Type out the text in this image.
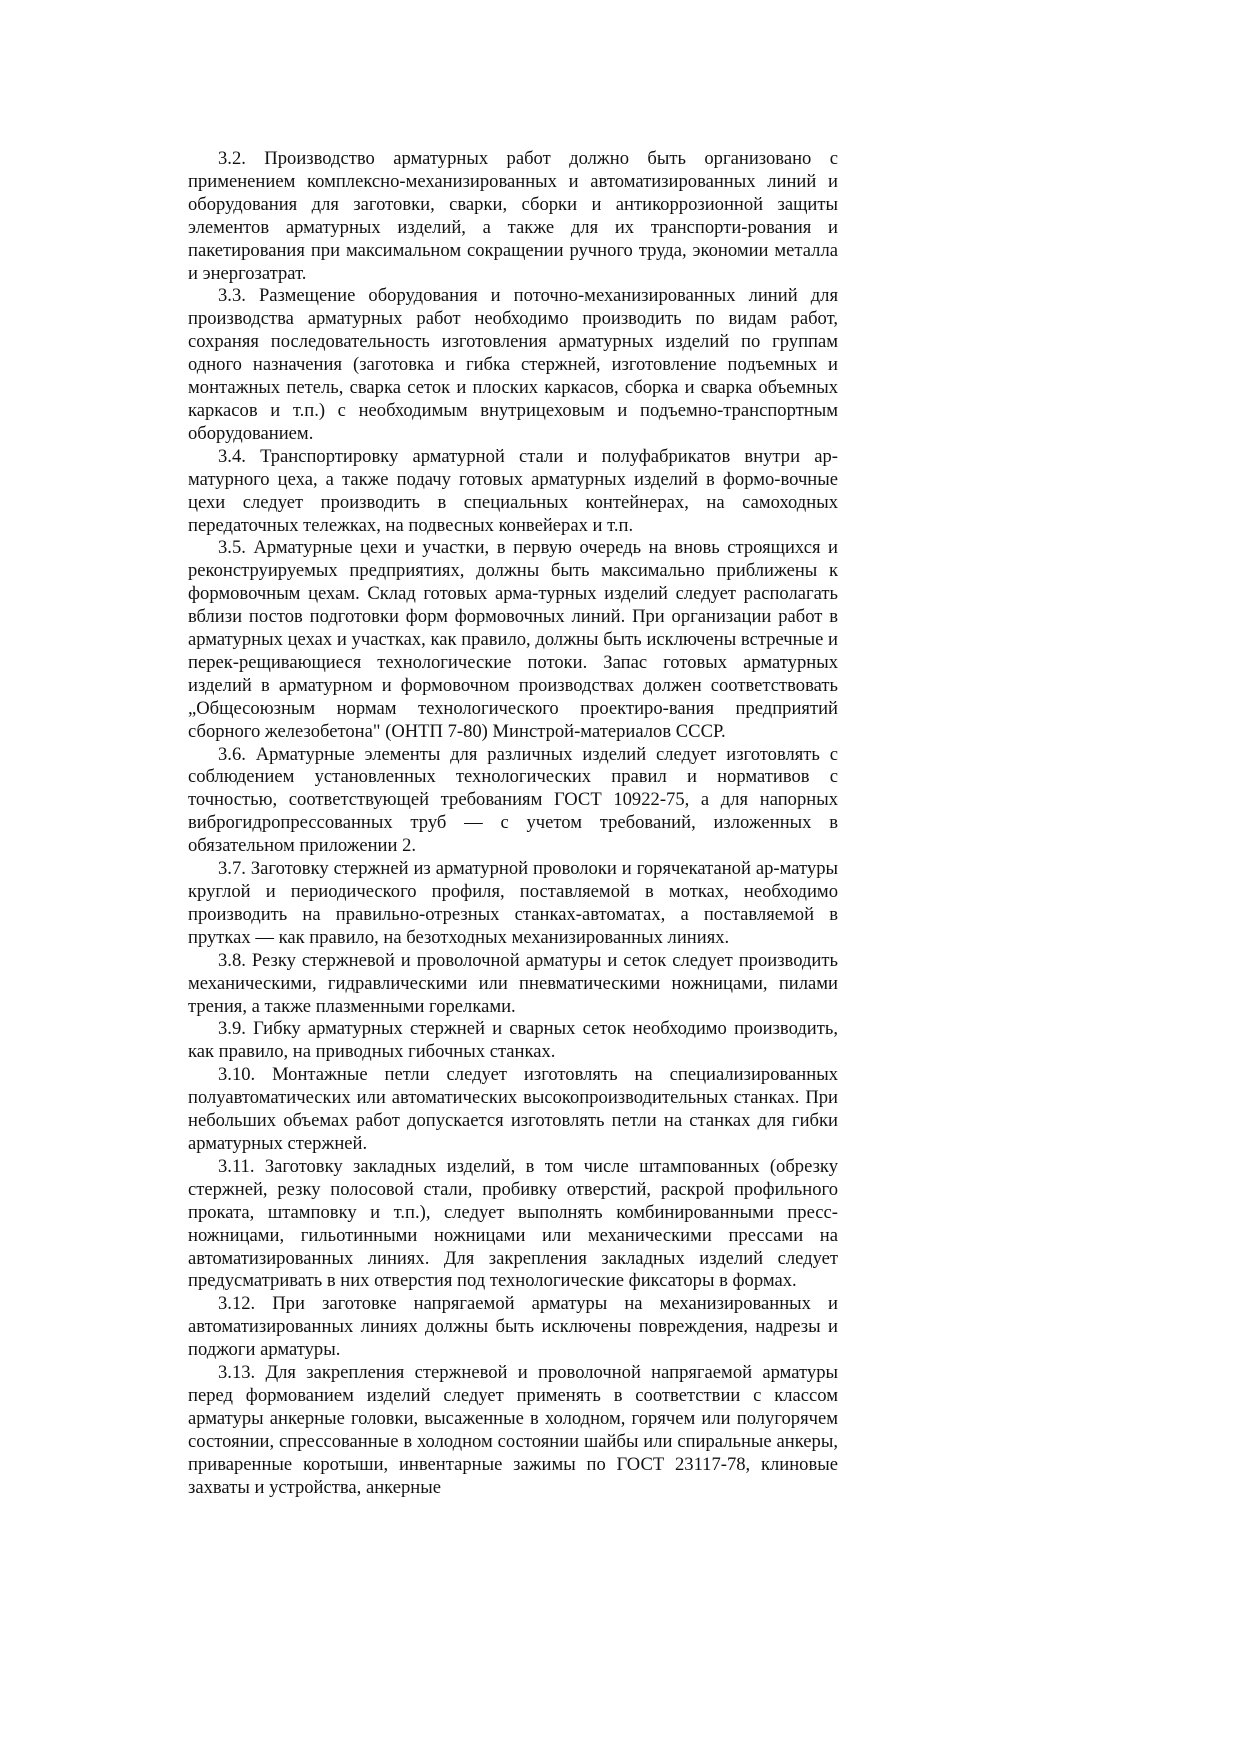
3.2. Производство арматурных работ должно быть организовано с применением комплексно-механизированных и автоматизированных линий и оборудования для заготовки, сварки, сборки и антикоррозионной защиты элементов арматурных изделий, а также для их транспорти-рования и пакетирования при максимальном сокращении ручного труда, экономии металла и энергозатрат.

3.3. Размещение оборудования и поточно-механизированных линий для производства арматурных работ необходимо производить по видам работ, сохраняя последовательность изготовления арматурных изделий по группам одного назначения (заготовка и гибка стержней, изготовление подъемных и монтажных петель, сварка сеток и плоских каркасов, сборка и сварка объемных каркасов и т.п.) с необходимым внутрицеховым и подъемно-транспортным оборудованием.

3.4. Транспортировку арматурной стали и полуфабрикатов внутри ар-матурного цеха, а также подачу готовых арматурных изделий в формо-вочные цехи следует производить в специальных контейнерах, на самоходных передаточных тележках, на подвесных конвейерах и т.п.

3.5. Арматурные цехи и участки, в первую очередь на вновь строящихся и реконструируемых предприятиях, должны быть максимально приближены к формовочным цехам. Склад готовых арма-турных изделий следует располагать вблизи постов подготовки форм формовочных линий. При организации работ в арматурных цехах и участках, как правило, должны быть исключены встречные и перек-рещивающиеся технологические потоки. Запас готовых арматурных изделий в арматурном и формовочном производствах должен соответствовать „Общесоюзным нормам технологического проектиро-вания предприятий сборного железобетона" (ОНТП 7-80) Минстрой-материалов СССР.

3.6. Арматурные элементы для различных изделий следует изготовлять с соблюдением установленных технологических правил и нормативов с точностью, соответствующей требованиям ГОСТ 10922-75, а для напорных виброгидропрессованных труб — с учетом требований, изложенных в обязательном приложении 2.

3.7. Заготовку стержней из арматурной проволоки и горячекатаной ар-матуры круглой и периодического профиля, поставляемой в мотках, необходимо производить на правильно-отрезных станках-автоматах, а поставляемой в прутках — как правило, на безотходных механизированных линиях.

3.8. Резку стержневой и проволочной арматуры и сеток следует производить механическими, гидравлическими или пневматическими ножницами, пилами трения, а также плазменными горелками.

3.9. Гибку арматурных стержней и сварных сеток необходимо производить, как правило, на приводных гибочных станках.

3.10. Монтажные петли следует изготовлять на специализированных полуавтоматических или автоматических высокопроизводительных станках. При небольших объемах работ допускается изготовлять петли на станках для гибки арматурных стержней.

3.11. Заготовку закладных изделий, в том числе штампованных (обрезку стержней, резку полосовой стали, пробивку отверстий, раскрой профильного проката, штамповку и т.п.), следует выполнять комбинированными пресс-ножницами, гильотинными ножницами или механическими прессами на автоматизированных линиях. Для закрепления закладных изделий следует предусматривать в них отверстия под технологические фиксаторы в формах.

3.12. При заготовке напрягаемой арматуры на механизированных и автоматизированных линиях должны быть исключены повреждения, надрезы и поджоги арматуры.

3.13. Для закрепления стержневой и проволочной напрягаемой арматуры перед формованием изделий следует применять в соответствии с классом арматуры анкерные головки, высаженные в холодном, горячем или полугорячем состоянии, спрессованные в холодном состоянии шайбы или спиральные анкеры, приваренные коротыши, инвентарные зажимы по ГОСТ 23117-78, клиновые захваты и устройства, анкерные
